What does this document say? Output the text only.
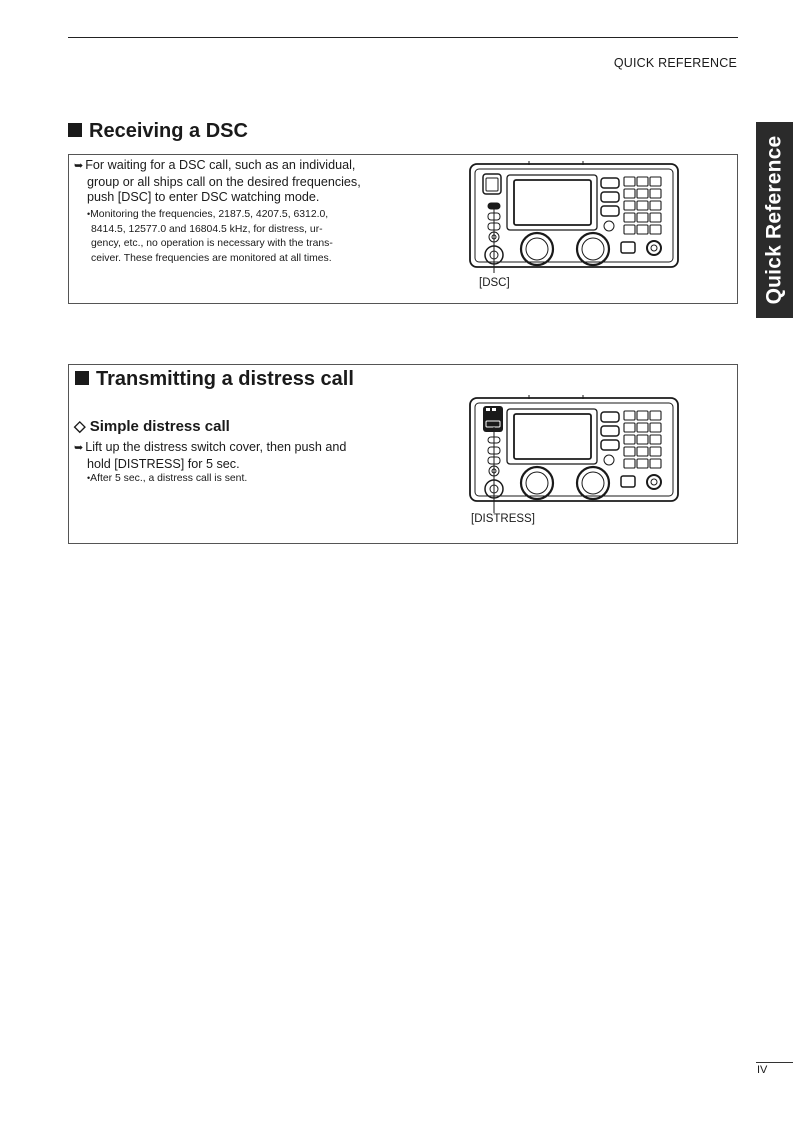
QUICK REFERENCE
Quick Reference
Receiving a DSC
➥ For waiting for a DSC call, such as an individual,
group or all ships call on the desired frequencies,
push [DSC] to enter DSC watching mode.
•Monitoring the frequencies, 2187.5, 4207.5, 6312.0,
8414.5, 12577.0 and 16804.5 kHz, for distress, ur-
gency, etc., no operation is necessary with the trans-
ceiver. These frequencies are monitored at all times.
[DSC]
Transmitting a distress call
◇ Simple distress call
➥ Lift up the distress switch cover, then push and
hold [DISTRESS] for 5 sec.
•After 5 sec., a distress call is sent.
[DISTRESS]
IV
